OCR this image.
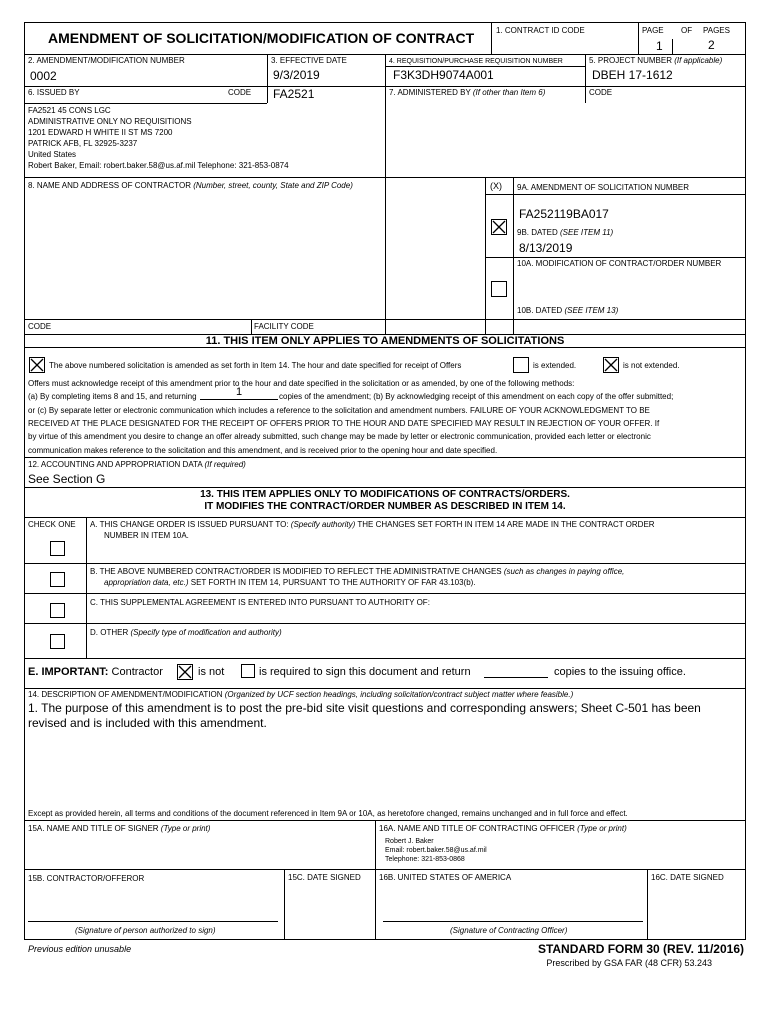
AMENDMENT OF SOLICITATION/MODIFICATION OF CONTRACT	1. CONTRACT ID CODE	PAGE OF PAGES
1	2
2. AMENDMENT/MODIFICATION NUMBER
0002
3. EFFECTIVE DATE
9/3/2019
4. REQUISITION/PURCHASE REQUISITION NUMBER
F3K3DH9074A001
5. PROJECT NUMBER (If applicable)
DBEH 17-1612
6. ISSUED BY	CODE FA2521	7. ADMINISTERED BY (If other than Item 6)	CODE
FA2521 45 CONS LGC
ADMINISTRATIVE ONLY NO REQUISITIONS
1201 EDWARD H WHITE II ST MS 7200
PATRICK AFB, FL 32925-3237
United States
Robert Baker, Email: robert.baker.58@us.af.mil Telephone: 321-853-0874
8. NAME AND ADDRESS OF CONTRACTOR (Number, street, county, State and ZIP Code)	(X) 9A. AMENDMENT OF SOLICITATION NUMBER
FA252119BA017
9B. DATED (SEE ITEM 11)
8/13/2019
10A. MODIFICATION OF CONTRACT/ORDER NUMBER
10B. DATED (SEE ITEM 13)
CODE	FACILITY CODE
11. THIS ITEM ONLY APPLIES TO AMENDMENTS OF SOLICITATIONS
The above numbered solicitation is amended as set forth in Item 14. The hour and date specified for receipt of Offers	is extended.	is not extended.
Offers must acknowledge receipt of this amendment prior to the hour and date specified in the solicitation or as amended, by one of the following methods:
(a) By completing items 8 and 15, and returning	1	copies of the amendment; (b) By acknowledging receipt of this amendment on each copy of the offer submitted;
or (c) By separate letter or electronic communication which includes a reference to the solicitation and amendment numbers. FAILURE OF YOUR ACKNOWLEDGMENT TO BE
RECEIVED AT THE PLACE DESIGNATED FOR THE RECEIPT OF OFFERS PRIOR TO THE HOUR AND DATE SPECIFIED MAY RESULT IN REJECTION OF YOUR OFFER. If
by virtue of this amendment you desire to change an offer already submitted, such change may be made by letter or electronic communication, provided each letter or electronic
communication makes reference to the solicitation and this amendment, and is received prior to the opening hour and date specified.
12. ACCOUNTING AND APPROPRIATION DATA (If required)
See Section G
13. THIS ITEM APPLIES ONLY TO MODIFICATIONS OF CONTRACTS/ORDERS.
IT MODIFIES THE CONTRACT/ORDER NUMBER AS DESCRIBED IN ITEM 14.
CHECK ONE A. THIS CHANGE ORDER IS ISSUED PURSUANT TO: (Specify authority) THE CHANGES SET FORTH IN ITEM 14 ARE MADE IN THE CONTRACT ORDER
NUMBER IN ITEM 10A.
B. THE ABOVE NUMBERED CONTRACT/ORDER IS MODIFIED TO REFLECT THE ADMINISTRATIVE CHANGES (such as changes in paying office,
appropriation data, etc.) SET FORTH IN ITEM 14, PURSUANT TO THE AUTHORITY OF FAR 43.103(b).
C. THIS SUPPLEMENTAL AGREEMENT IS ENTERED INTO PURSUANT TO AUTHORITY OF:
D. OTHER (Specify type of modification and authority)
E. IMPORTANT: Contractor	is not	is required to sign this document and return	copies to the issuing office.
14. DESCRIPTION OF AMENDMENT/MODIFICATION (Organized by UCF section headings, including solicitation/contract subject matter where feasible.)
1. The purpose of this amendment is to post the pre-bid site visit questions and corresponding answers; Sheet C-501 has been revised and is included with this amendment.
Except as provided herein, all terms and conditions of the document referenced in Item 9A or 10A, as heretofore changed, remains unchanged and in full force and effect.
15A. NAME AND TITLE OF SIGNER (Type or print)	16A. NAME AND TITLE OF CONTRACTING OFFICER (Type or print)
Robert J. Baker
Email: robert.baker.58@us.af.mil
Telephone: 321-853-0868
15B. CONTRACTOR/OFFEROR	15C. DATE SIGNED 16B. UNITED STATES OF AMERICA	16C. DATE SIGNED
(Signature of person authorized to sign)	(Signature of Contracting Officer)
Previous edition unusable	STANDARD FORM 30 (REV. 11/2016)
Prescribed by GSA FAR (48 CFR) 53.243
